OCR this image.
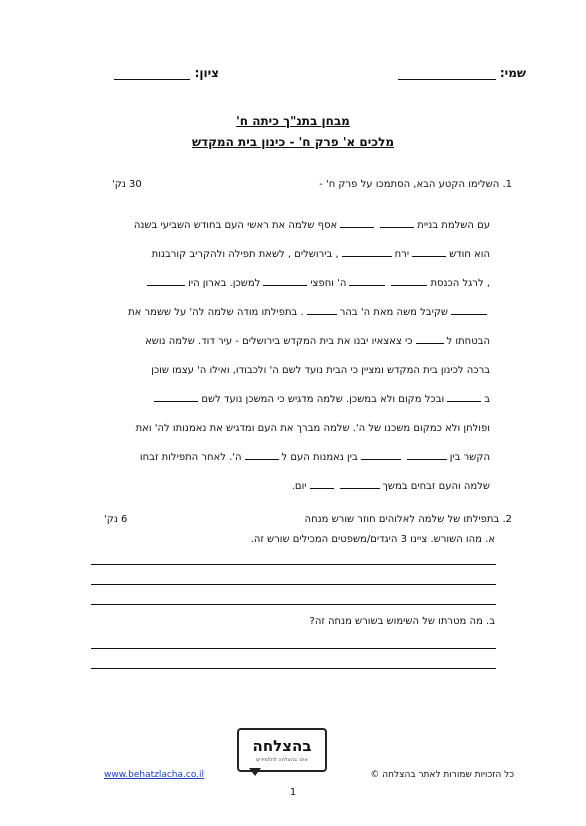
שמי:
ציון:
מבחן בתנ"ך כיתה ח'
מלכים א' פרק ח' - כינון בית המקדש
1. השלימו הקטע הבא, הסתמכו על פרק ח' -
30 נק'
עם השלמת בנייתאסף שלמה את ראשי העם בחודש השביעי בשנה
הוא חודשירח, בירושלים , לשאת תפילה ולהקריב קורבנות
, לרגל הכנסתה' וחפצילמשכן. בארון היו
שקיבל משה מאת ה' בהר. בתפילתו מודה שלמה לה' על ששמר את
הבטחתו לכי צאצאיו יבנו את בית המקדש בירושלים - עיר דוד. שלמה נושא
ברכה לכינון בית המקדש ומציין כי הבית נועד לשם ה' ולכבודו, ואילו ה' עצמו שוכן
בובכל מקום ולא במשכן. שלמה מדגיש כי המשכן נועד לשם
ופולחן ולא כמקום משכנו של ה'. שלמה מברך את העם ומדגיש את נאמנותו לה' ואת
הקשר ביןבין נאמנות העם לה'. לאחר התפילות זבחו
שלמה והעם זבחים במשךיום.
2. בתפילתו של שלמה לאלוהים חוזר שורש מנחה
6 נק'
א. מהו השורש. ציינו 3 היגדים/משפטים המכילים שורש זה.
ב. מה מטרתו של השימוש בשורש מנחה זה?
בהצלחה
אתר בהצלחה לתלמידים
www.behatzlacha.co.il	כל הזכויות שמורות לאתר בהצלחה ©
1
